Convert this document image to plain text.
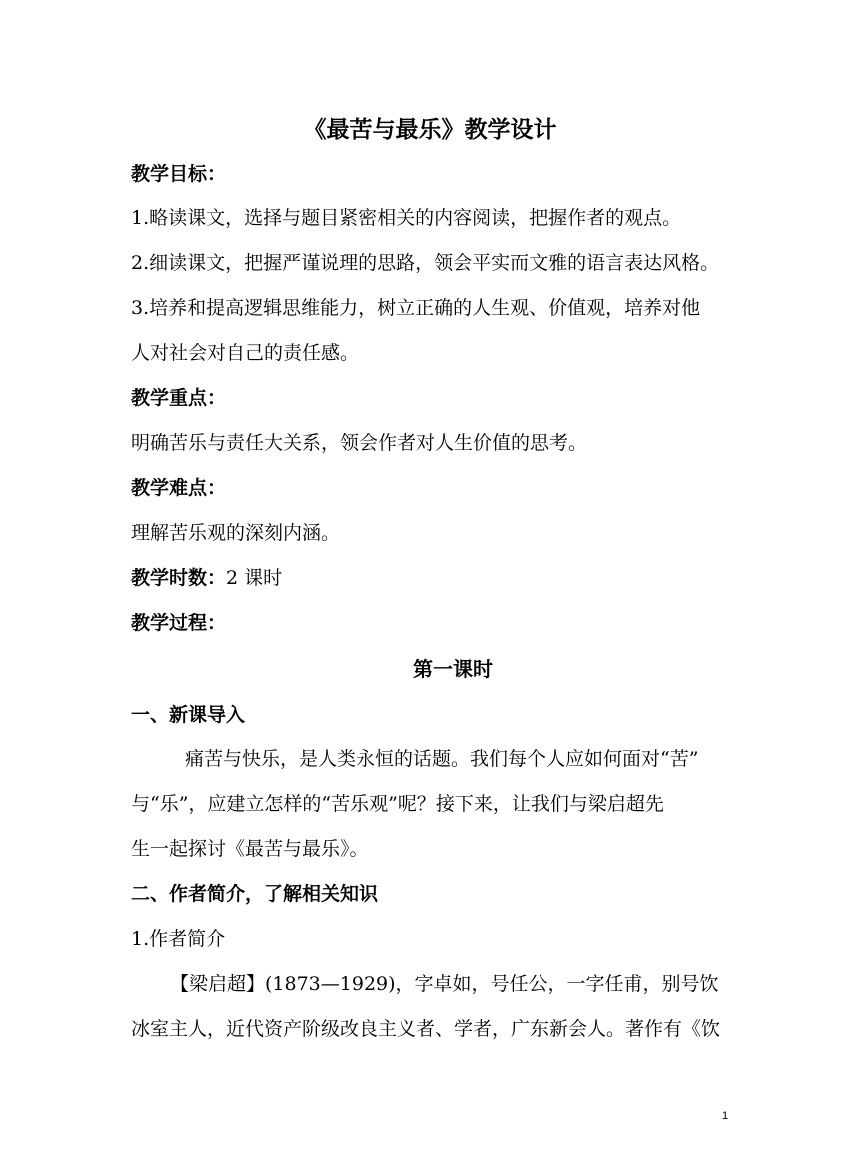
《最苦与最乐》教学设计
教学目标：
1.略读课文，选择与题目紧密相关的内容阅读，把握作者的观点。
2.细读课文，把握严谨说理的思路，领会平实而文雅的语言表达风格。
3.培养和提高逻辑思维能力，树立正确的人生观、价值观，培养对他
人对社会对自己的责任感。
教学重点：
明确苦乐与责任大关系，领会作者对人生价值的思考。
教学难点：
理解苦乐观的深刻内涵。
教学时数：2 课时
教学过程：
第一课时
一、新课导入
痛苦与快乐，是人类永恒的话题。我们每个人应如何面对“苦”
与“乐”，应建立怎样的“苦乐观”呢？接下来，让我们与梁启超先
生一起探讨《最苦与最乐》。
二、作者简介，了解相关知识
1.作者简介
【梁启超】(1873—1929)，字卓如，号任公，一字任甫，别号饮
冰室主人，近代资产阶级改良主义者、学者，广东新会人。著作有《饮
1
